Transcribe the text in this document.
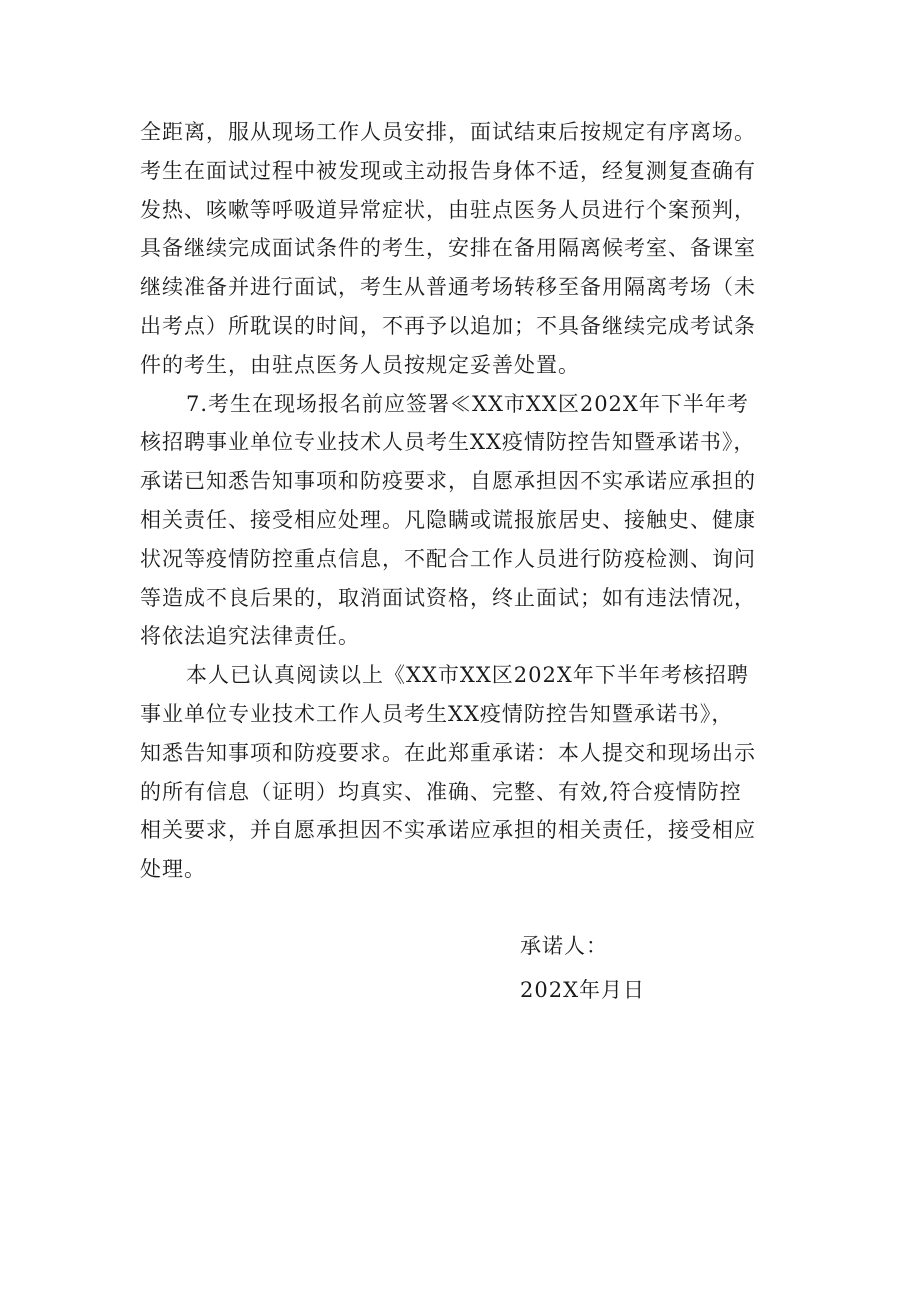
全距离，服从现场工作人员安排，面试结束后按规定有序离场。
考生在面试过程中被发现或主动报告身体不适，经复测复查确有
发热、咳嗽等呼吸道异常症状，由驻点医务人员进行个案预判，
具备继续完成面试条件的考生，安排在备用隔离候考室、备课室
继续准备并进行面试，考生从普通考场转移至备用隔离考场（未
出考点）所耽误的时间，不再予以追加；不具备继续完成考试条
件的考生，由驻点医务人员按规定妥善处置。

7.考生在现场报名前应签署≪XX市XX区202X年下半年考
核招聘事业单位专业技术人员考生XX疫情防控告知暨承诺书》，
承诺已知悉告知事项和防疫要求，自愿承担因不实承诺应承担的
相关责任、接受相应处理。凡隐瞒或谎报旅居史、接触史、健康
状况等疫情防控重点信息，不配合工作人员进行防疫检测、询问
等造成不良后果的，取消面试资格，终止面试；如有违法情况，
将依法追究法律责任。

本人已认真阅读以上《XX市XX区202X年下半年考核招聘
事业单位专业技术工作人员考生XX疫情防控告知暨承诺书》，
知悉告知事项和防疫要求。在此郑重承诺：本人提交和现场出示
的所有信息（证明）均真实、准确、完整、有效,符合疫情防控
相关要求，并自愿承担因不实承诺应承担的相关责任，接受相应
处理。

承诺人：
202X年月日
